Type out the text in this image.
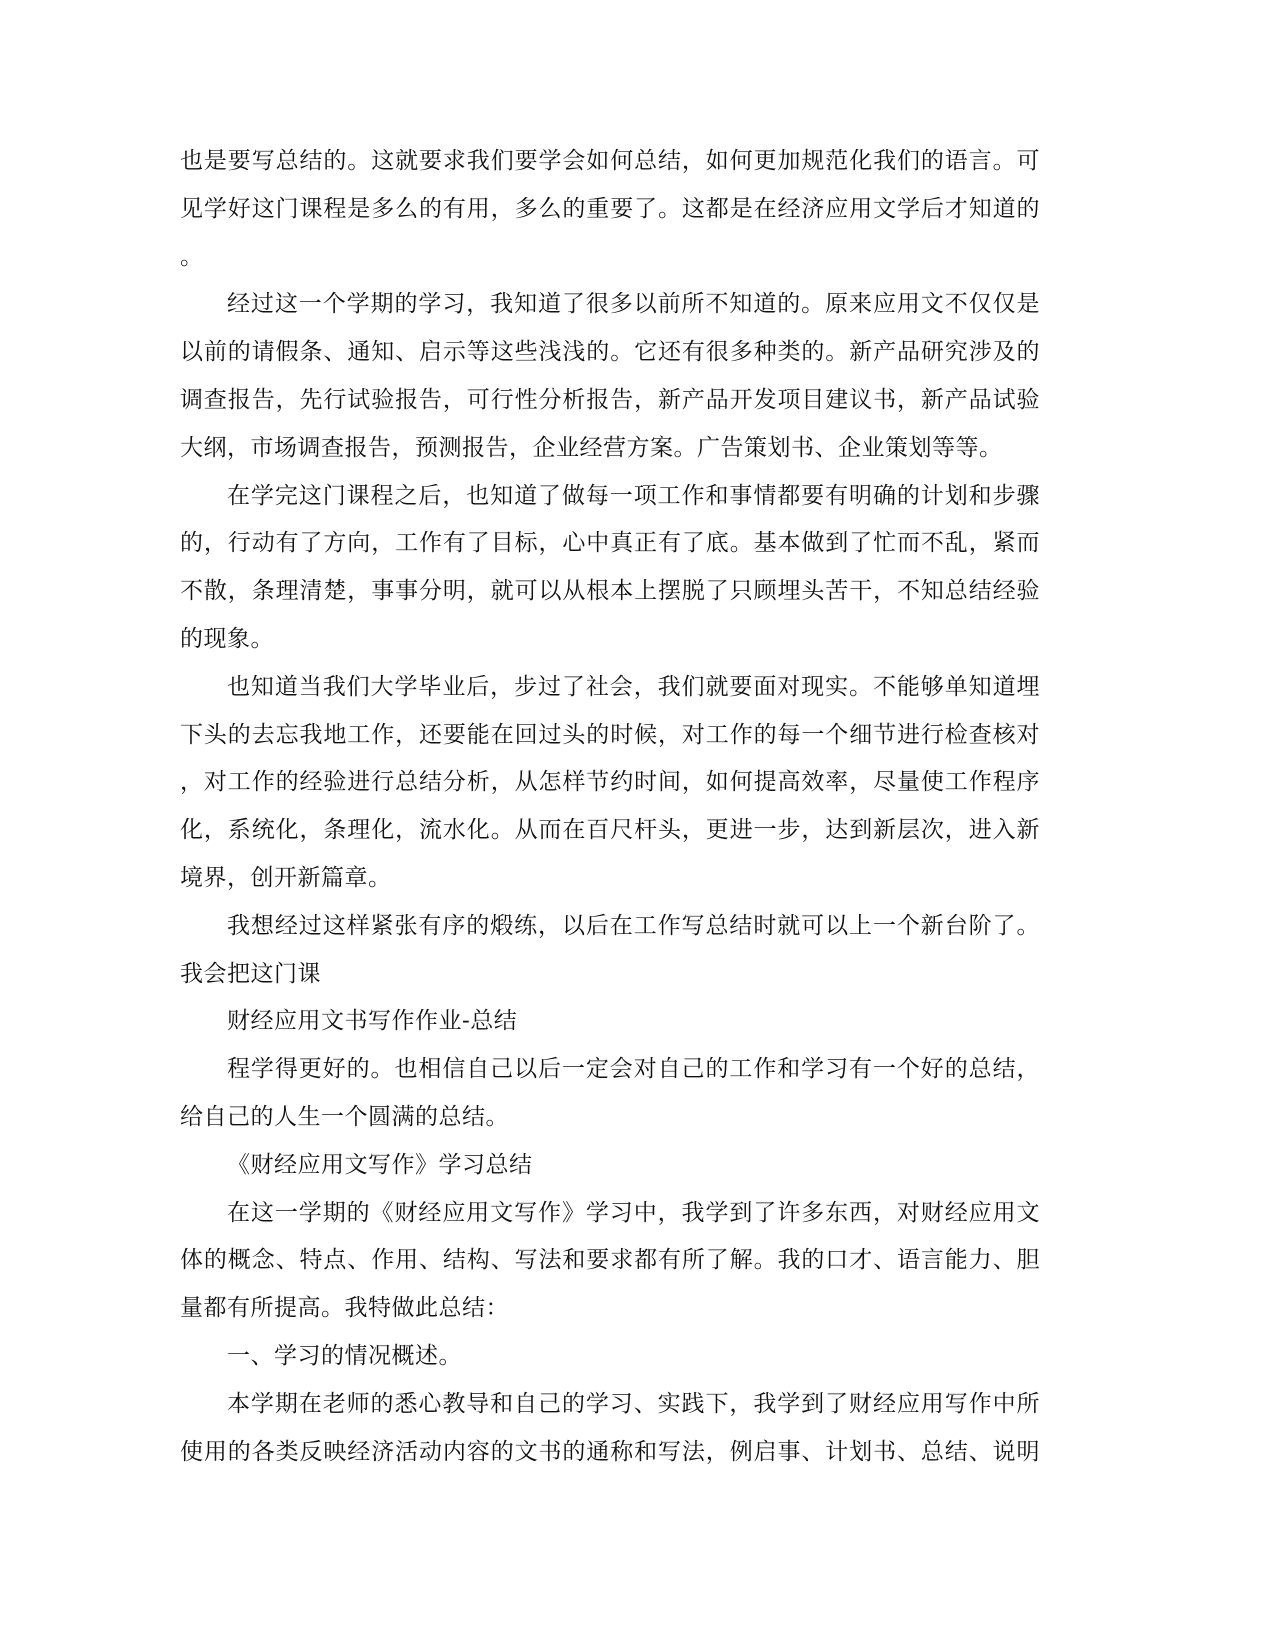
也是要写总结的。这就要求我们要学会如何总结，如何更加规范化我们的语言。可
见学好这门课程是多么的有用，多么的重要了。这都是在经济应用文学后才知道的
。
经过这一个学期的学习，我知道了很多以前所不知道的。原来应用文不仅仅是
以前的请假条、通知、启示等这些浅浅的。它还有很多种类的。新产品研究涉及的
调查报告，先行试验报告，可行性分析报告，新产品开发项目建议书，新产品试验
大纲，市场调查报告，预测报告，企业经营方案。广告策划书、企业策划等等。
在学完这门课程之后，也知道了做每一项工作和事情都要有明确的计划和步骤
的，行动有了方向，工作有了目标，心中真正有了底。基本做到了忙而不乱，紧而
不散，条理清楚，事事分明，就可以从根本上摆脱了只顾埋头苦干，不知总结经验
的现象。
也知道当我们大学毕业后，步过了社会，我们就要面对现实。不能够单知道埋
下头的去忘我地工作，还要能在回过头的时候，对工作的每一个细节进行检查核对
，对工作的经验进行总结分析，从怎样节约时间，如何提高效率，尽量使工作程序
化，系统化，条理化，流水化。从而在百尺杆头，更进一步，达到新层次，进入新
境界，创开新篇章。
我想经过这样紧张有序的煅练，以后在工作写总结时就可以上一个新台阶了。
我会把这门课
财经应用文书写作作业-总结
程学得更好的。也相信自己以后一定会对自己的工作和学习有一个好的总结，
给自己的人生一个圆满的总结。
《财经应用文写作》学习总结
在这一学期的《财经应用文写作》学习中，我学到了许多东西，对财经应用文
体的概念、特点、作用、结构、写法和要求都有所了解。我的口才、语言能力、胆
量都有所提高。我特做此总结：
一、学习的情况概述。
本学期在老师的悉心教导和自己的学习、实践下，我学到了财经应用写作中所
使用的各类反映经济活动内容的文书的通称和写法，例启事、计划书、总结、说明
